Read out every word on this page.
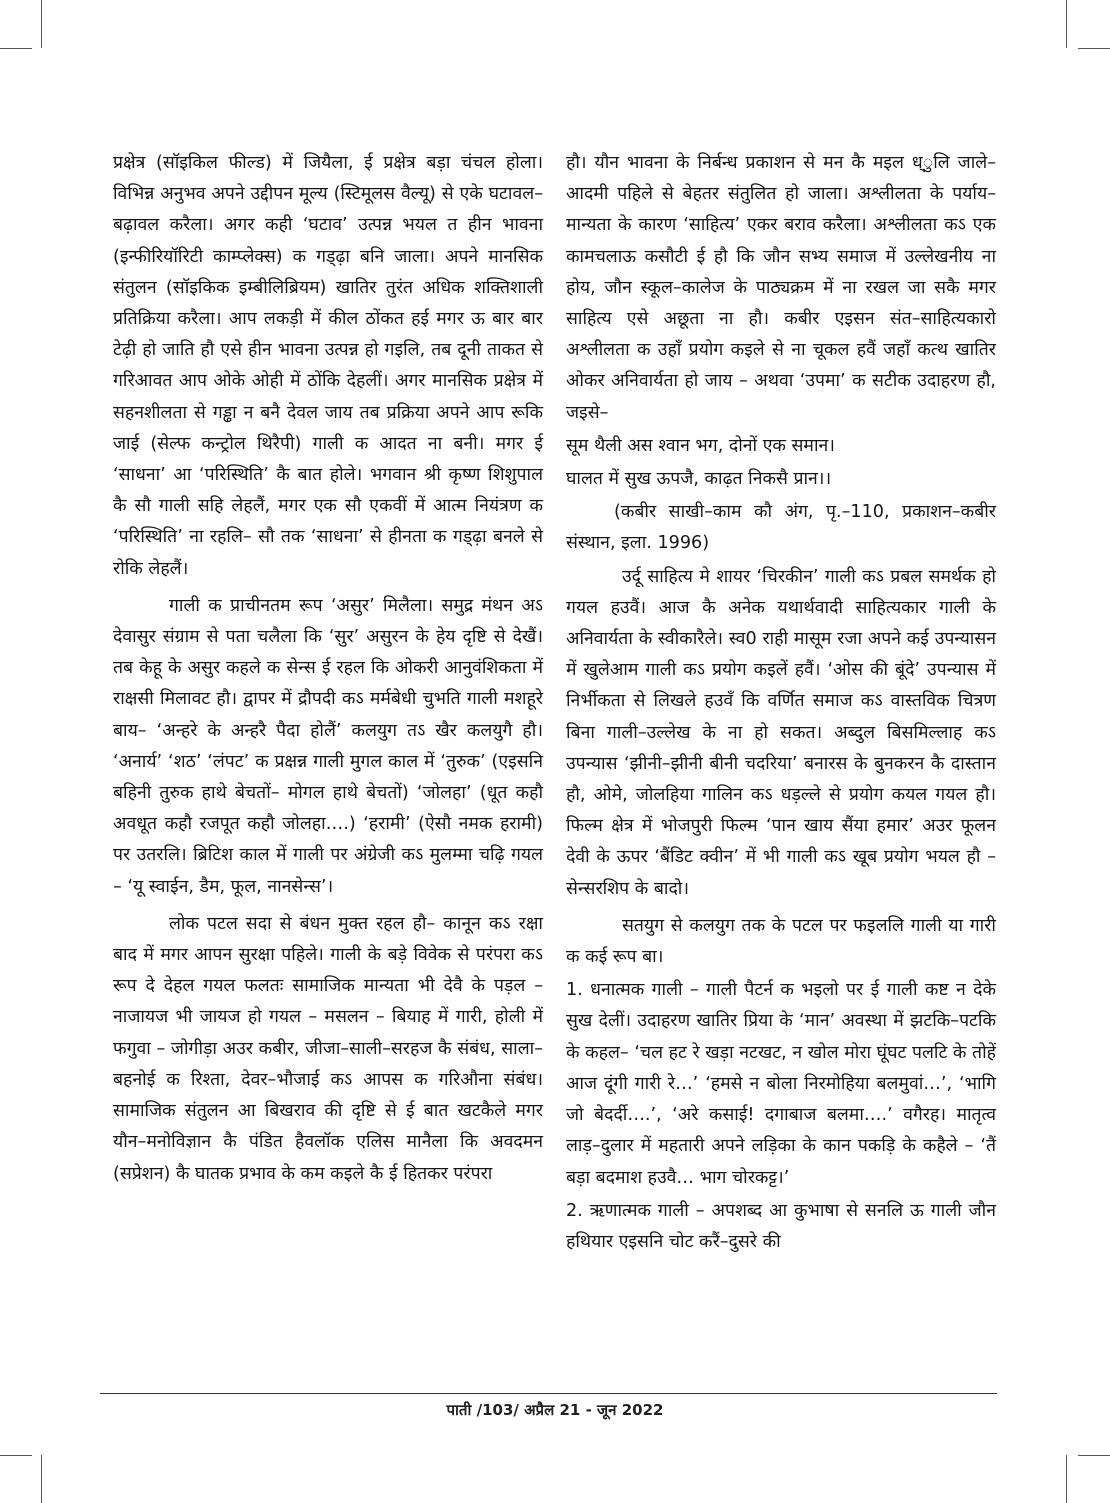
प्रक्षेत्र (सॉइकिल फील्ड) में जियैला, ई प्रक्षेत्र बड़ा चंचल होला। विभिन्न अनुभव अपने उद्दीपन मूल्य (स्टिमूलस वैल्यू) से एके घटावल–बढ़ावल करैला। अगर कही ‘घटाव’ उत्पन्न भयल त हीन भावना (इन्फीरियॉरिटी काम्प्लेक्स) क गड्ढ़ा बनि जाला। अपने मानसिक संतुलन (सॉइकिक इम्बीलिब्रियम) खातिर तुरंत अधिक शक्तिशाली प्रतिक्रिया करैला। आप लकड़ी में कील ठोंकत हई मगर ऊ बार बार टेढ़ी हो जाति हौ एसे हीन भावना उत्पन्न हो गइलि, तब दूनी ताकत से गरिआवत आप ओके ओही में ठोंकि देहलीं। अगर मानसिक प्रक्षेत्र में सहनशीलता से गड्ढा न बनै देवल जाय तब प्रक्रिया अपने आप रूकि जाई (सेल्फ कन्ट्रोल थिरैपी) गाली क आदत ना बनी। मगर ई ‘साधना’ आ ‘परिस्थिति’ कै बात होले। भगवान श्री कृष्ण शिशुपाल कै सौ गाली सहि लेहलैं, मगर एक सौ एकवीं में आत्म नियंत्रण क ‘परिस्थिति’ ना रहलि– सौ तक ‘साधना’ से हीनता क गड्ढ़ा बनले से रोकि लेहलैं।

गाली क प्राचीनतम रूप ‘असुर’ मिलैला। समुद्र मंथन अऽ देवासुर संग्राम से पता चलैला कि ‘सुर’ असुरन के हेय दृष्टि से देखैं। तब केहू के असुर कहले क सेन्स ई रहल कि ओकरी आनुवंशिकता में राक्षसी मिलावट हौ। द्वापर में द्रौपदी कऽ मर्मबेधी चुभति गाली मशहूरे बाय– ‘अन्हरे के अन्हरै पैदा होलैं’ कलयुग तऽ खैर कलयुगै हौ। ‘अनार्य’ ‘शठ’ ‘लंपट’ क प्रक्षन्न गाली मुगल काल में ‘तुरुक’ (एइसनि बहिनी तुरुक हाथे बेचतों– मोगल हाथे बेचतों) ‘जोलहा’ (धूत कहौ अवधूत कहौ रजपूत कहौ जोलहा….) ‘हरामी’ (ऐसौ नमक हरामी) पर उतरलि। ब्रिटिश काल में गाली पर अंग्रेजी कऽ मुलम्मा चढ़ि गयल – ‘यू स्वाईन, डैम, फूल, नानसेन्स’।

लोक पटल सदा से बंधन मुक्त रहल हौ– कानून कऽ रक्षा बाद में मगर आपन सुरक्षा पहिले। गाली के बड़े विवेक से परंपरा कऽ रूप दे देहल गयल फलतः सामाजिक मान्यता भी देवै के पड़ल – नाजायज भी जायज हो गयल – मसलन – बियाह में गारी, होली में फगुवा – जोगीड़ा अउर कबीर, जीजा–साली–सरहज कै संबंध, साला–बहनोई क रिश्ता, देवर–भौजाई कऽ आपस क गरिऔना संबंध। सामाजिक संतुलन आ बिखराव की दृष्टि से ई बात खटकैले मगर यौन–मनोविज्ञान कै पंडित हैवलॉक एलिस मानैला कि अवदमन (सप्रेशन) कै घातक प्रभाव के कम कइले कै ई हितकर परंपरा

हौ। यौन भावना के निर्बन्ध प्रकाशन से मन कै मइल ध्ुलि जाले–आदमी पहिले से बेहतर संतुलित हो जाला। अश्लीलता के पर्याय–मान्यता के कारण ‘साहित्य’ एकर बराव करैला। अश्लीलता कऽ एक कामचलाऊ कसौटी ई हौ कि जौन सभ्य समाज में उल्लेखनीय ना होय, जौन स्कूल–कालेज के पाठ्यक्रम में ना रखल जा सकै मगर साहित्य एसे अछूता ना हौ। कबीर एइसन संत–साहित्यकारो अश्लीलता क उहाँ प्रयोग कइले से ना चूकल हवैं जहाँ कत्थ खातिर ओकर अनिवार्यता हो जाय – अथवा ‘उपमा’ क सटीक उदाहरण हौ, जइसे–

सूम थैली अस श्वान भग, दोनों एक समान।

घालत में सुख ऊपजै, काढ़त निकसै प्रान।।

(कबीर साखी–काम कौ अंग, पृ.–110, प्रकाशन–कबीर संस्थान, इला. 1996)

उर्दू साहित्य मे शायर ‘चिरकीन’ गाली कऽ प्रबल समर्थक हो गयल हउवैं। आज कै अनेक यथार्थवादी साहित्यकार गाली के अनिवार्यता के स्वीकारैले। स्व0 राही मासूम रजा अपने कई उपन्यासन में खुलेआम गाली कऽ प्रयोग कइलें हवैं। ‘ओस की बूंदे’ उपन्यास में निर्भीकता से लिखले हउवँ कि वर्णित समाज कऽ वास्तविक चित्रण बिना गाली–उल्लेख के ना हो सकत। अब्दुल बिसमिल्लाह कऽ उपन्यास ‘झीनी–झीनी बीनी चदरिया’ बनारस के बुनकरन कै दास्तान हौ, ओमे, जोलहिया गालिन कऽ धड़ल्ले से प्रयोग कयल गयल हौ। फिल्म क्षेत्र में भोजपुरी फिल्म ‘पान खाय सैंया हमार’ अउर फूलन देवी के ऊपर ‘बैंडिट क्वीन’ में भी गाली कऽ खूब प्रयोग भयल हौ – सेन्सरशिप के बादो।

सतयुग से कलयुग तक के पटल पर फइललि गाली या गारी क कई रूप बा।

1. धनात्मक गाली – गाली पैटर्न क भइलो पर ई गाली कष्ट न देके सुख देलीं। उदाहरण खातिर प्रिया के ‘मान’ अवस्था में झटकि–पटकि के कहल– ‘चल हट रे खड़ा नटखट, न खोल मोरा घूंघट पलटि के तोहें आज दूंगी गारी रे…’ ‘हमसे न बोला निरमोहिया बलमुवां…’, ‘भागि जो बेदर्दी….’, ‘अरे कसाई! दगाबाज बलमा….’ वगैरह। मातृत्व लाड़–दुलार में महतारी अपने लड़िका के कान पकड़ि के कहैले – ‘तैं बड़ा बदमाश हउवै… भाग चोरकट्ट।’

2. ऋणात्मक गाली – अपशब्द आ कुभाषा से सनलि ऊ गाली जौन हथियार एइसनि चोट करैं–दुसरे की

पाती /103/ अप्रैल 21 - जून 2022
